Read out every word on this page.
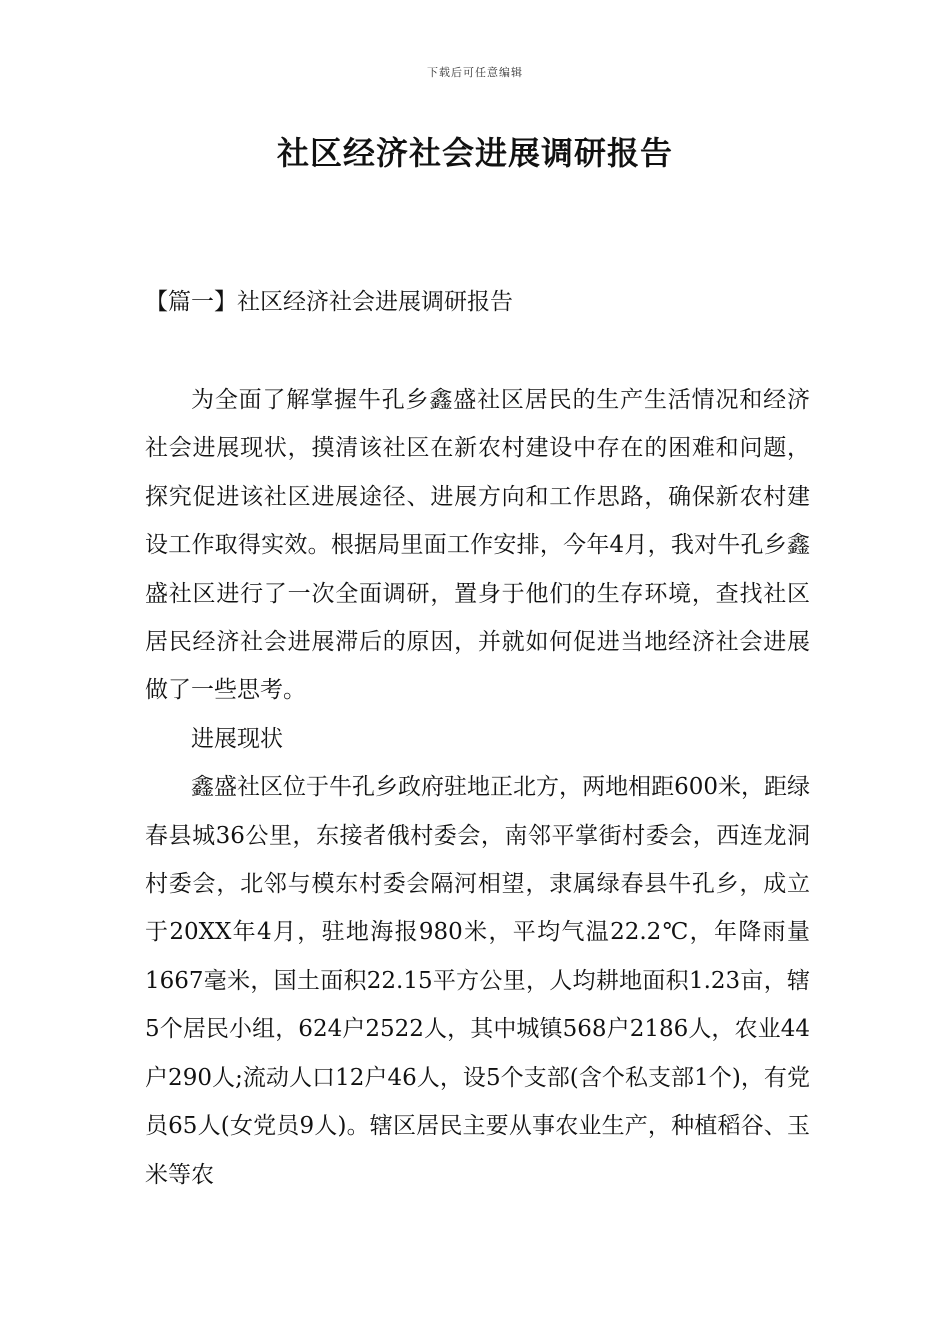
下载后可任意编辑
社区经济社会进展调研报告
【篇一】社区经济社会进展调研报告

为全面了解掌握牛孔乡鑫盛社区居民的生产生活情况和经济社会进展现状，摸清该社区在新农村建设中存在的困难和问题，探究促进该社区进展途径、进展方向和工作思路，确保新农村建设工作取得实效。根据局里面工作安排，今年4月，我对牛孔乡鑫盛社区进行了一次全面调研，置身于他们的生存环境，查找社区居民经济社会进展滞后的原因，并就如何促进当地经济社会进展做了一些思考。

进展现状

鑫盛社区位于牛孔乡政府驻地正北方，两地相距600米，距绿春县城36公里，东接者俄村委会，南邻平掌街村委会，西连龙洞村委会，北邻与模东村委会隔河相望，隶属绿春县牛孔乡，成立于20XX年4月，驻地海报980米，平均气温22.2℃，年降雨量1667毫米，国土面积22.15平方公里，人均耕地面积1.23亩，辖5个居民小组，624户2522人，其中城镇568户2186人，农业44户290人;流动人口12户46人，设5个支部(含个私支部1个)，有党员65人(女党员9人)。辖区居民主要从事农业生产，种植稻谷、玉米等农
